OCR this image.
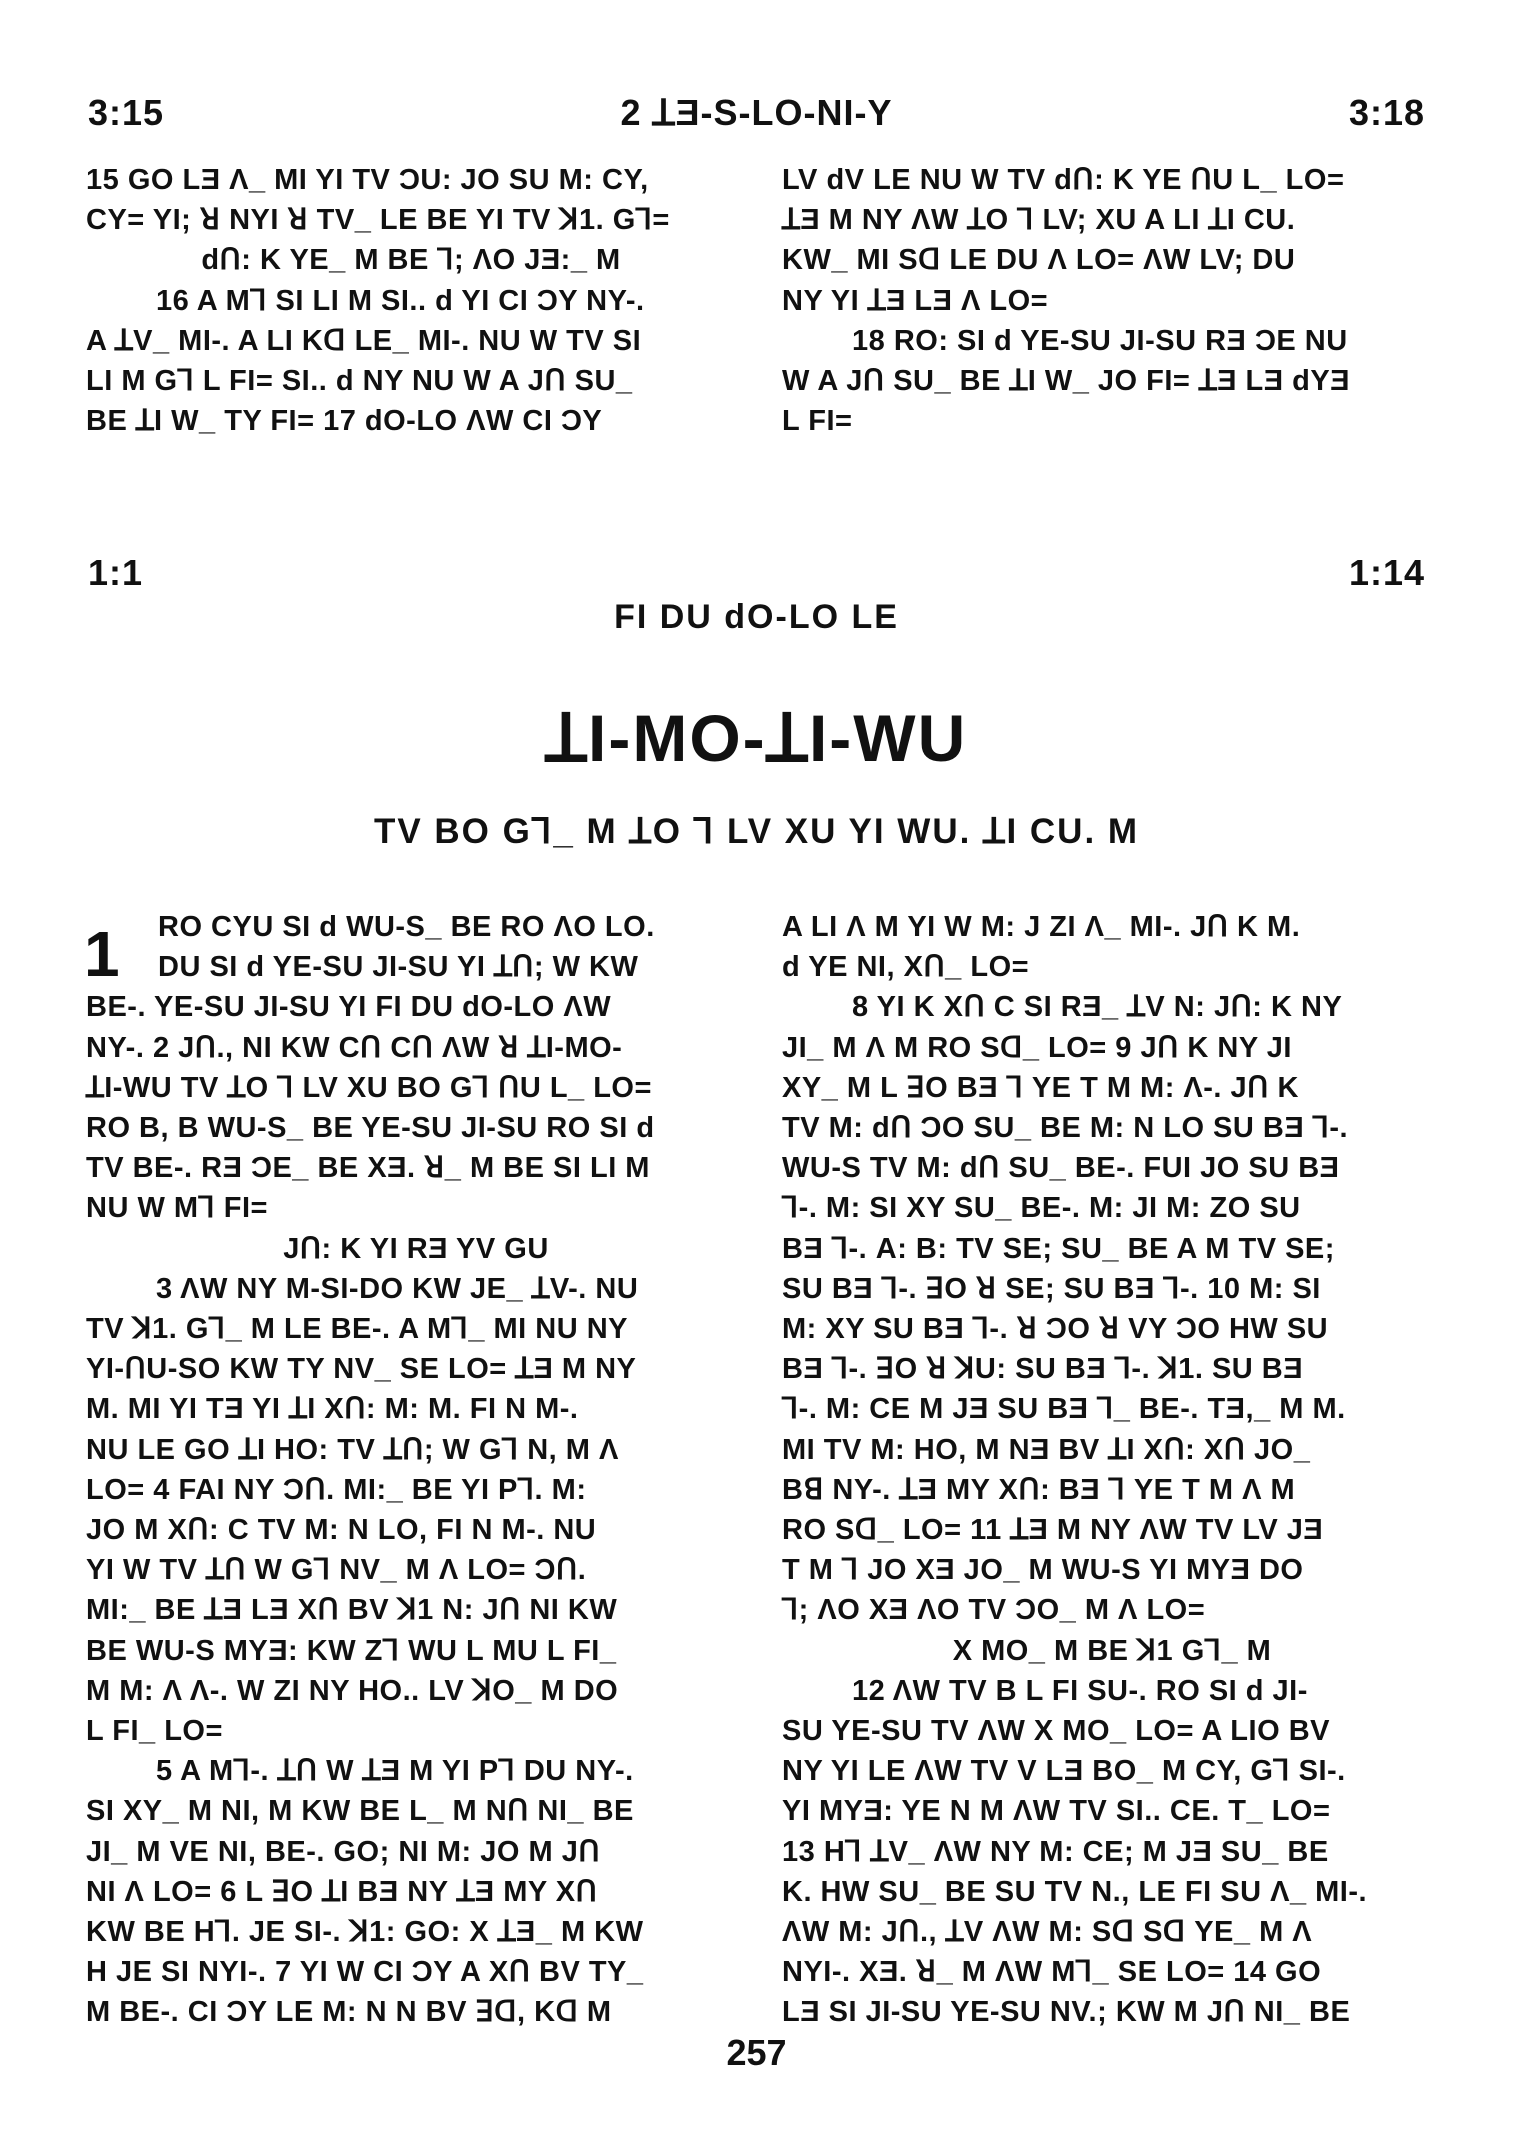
3:15	2 ꓕƎ-S-LO-NI-Y	3:18

15 GO LƎ Λ_ MI YI TV ƆU: JO SU M: CY,

CY= YI; ꓤ NYI ꓤ TV_ LE BE YI TV ꓘ1. Gꓶ=

dՈ: K YE_ M BE ꓶ; ΛO JƎ:_ M

16 A Mꓶ SI LI M SI.. d YI CI ƆY NY-.

A ꓕV_ MI-. A LI Kꓷ LE_ MI-. NU W TV SI

LI M Gꓶ L FI= SI.. d NY NU W A JՈ SU_

BE ꓕI W_ TY FI= 17 dO-LO ΛW CI ƆY

LV dV LE NU W TV dՈ: K YE ꓵU L_ LO=

ꓕƎ M NY ΛW ꓕO ꓶ LV; XU A LI ꓕI CU.

KW_ MI Sꓷ LE DU Λ LO= ΛW LV; DU

NY YI ꓕƎ LƎ Λ LO=

18 RO: SI d YE-SU JI-SU RƎ ƆE NU

W A JՈ SU_ BE ꓕI W_ JO FI= ꓕƎ LƎ dYƎ

L FI=

1:1	1:14
FI DU dO-LO LE
ꓕI-MO-ꓕI-WU
TV BO Gꓶ_ M ꓕO ꓶ LV XU YI WU. ꓕI CU. M
1	RO CYU SI d WU-S_ BE RO ΛO LO.

DU SI d YE-SU JI-SU YI ꓕՈ; W KW

BE-. YE-SU JI-SU YI FI DU dO-LO ΛW

NY-. 2 JՈ., NI KW CՈ CՈ ΛW ꓤ ꓕI-MO-

ꓕI-WU TV ꓕO ꓶ LV XU BO Gꓶ ꓵU L_ LO=

RO B, B WU-S_ BE YE-SU JI-SU RO SI d

TV BE-. RƎ ƆE_ BE XƎ. ꓤ_ M BE SI LI M

NU W Mꓶ FI=

JՈ: K YI RƎ YV GU

3 ΛW NY M-SI-DO KW JE_ ꓕV-. NU

TV ꓘ1. Gꓶ_ M LE BE-. A Mꓶ_ MI NU NY

YI-ꓵU-SO KW TY NV_ SE LO= ꓕƎ M NY

M. MI YI TƎ YI ꓕI XՈ: M: M. FI N M-.

NU LE GO ꓕI HO: TV ꓕՈ; W Gꓶ N, M Λ

LO= 4 FAI NY ƆՈ. MI:_ BE YI Pꓶ. M:

JO M XՈ: C TV M: N LO, FI N M-. NU

YI W TV ꓕՈ W Gꓶ NV_ M Λ LO= ƆՈ.

MI:_ BE ꓕƎ LƎ XՈ BV ꓘ1 N: JՈ NI KW

BE WU-S MYƎ: KW Zꓶ WU L MU L FI_

M M: Λ Λ-. W ZI NY HO.. LV ꓘO_ M DO

L FI_ LO=

5 A Mꓶ-. ꓕՈ W ꓕƎ M YI Pꓶ DU NY-.

SI XY_ M NI, M KW BE L_ M NՈ NI_ BE

JI_ M VE NI, BE-. GO; NI M: JO M JՈ

NI Λ LO= 6 L ꓱO ꓕI BƎ NY ꓕƎ MY XՈ

KW BE Hꓶ. JE SI-. ꓘ1: GO: X ꓕƎ_ M KW

H JE SI NYI-. 7 YI W CI ƆY A XՈ BV TY_

M BE-. CI ƆY LE M: N N BV ꓱꓷ, Kꓷ M

A LI Λ M YI W M: J ZI Λ_ MI-. JՈ K M.

d YE NI, XՈ_ LO=

8 YI K XՈ C SI RƎ_ ꓕV N: JՈ: K NY

JI_ M Λ M RO Sꓷ_ LO= 9 JՈ K NY JI

XY_ M L ꓱO BƎ ꓶ YE T M M: Λ-. JՈ K

TV M: dՈ ƆO SU_ BE M: N LO SU BƎ ꓶ-.

WU-S TV M: dՈ SU_ BE-. FUI JO SU BƎ

ꓶ-. M: SI XY SU_ BE-. M: JI M: ZO SU

BƎ ꓶ-. A: B: TV SE; SU_ BE A M TV SE;

SU BƎ ꓶ-. ꓱO ꓤ SE; SU BƎ ꓶ-. 10 M: SI

M: XY SU BƎ ꓶ-. ꓤ ƆO ꓤ VY ƆO HW SU

BƎ ꓶ-. ꓱO ꓤ ꓘU: SU BƎ ꓶ-. ꓘ1. SU BƎ

ꓶ-. M: CE M JƎ SU BƎ ꓶ_ BE-. TƎ,_ M M.

MI TV M: HO, M NƎ BV ꓕI XՈ: XՈ JO_

Bꓭ NY-. ꓕƎ MY XՈ: BƎ ꓶ YE T M Λ M

RO Sꓷ_ LO= 11 ꓕƎ M NY ΛW TV LV JƎ

T M ꓶ JO XƎ JO_ M WU-S YI MYƎ DO

ꓶ; ΛO XƎ ΛO TV ƆO_ M Λ LO=

X MO_ M BE ꓘ1 Gꓶ_ M

12 ΛW TV B L FI SU-. RO SI d JI-

SU YE-SU TV ΛW X MO_ LO= A LIO BV

NY YI LE ΛW TV V LƎ BO_ M CY, Gꓶ SI-.

YI MYƎ: YE N M ΛW TV SI.. CE. T_ LO=

13 Hꓶ ꓕV_ ΛW NY M: CE; M JƎ SU_ BE

K. HW SU_ BE SU TV N., LE FI SU Λ_ MI-.

ΛW M: JՈ., ꓕV ΛW M: Sꓷ Sꓷ YE_ M Λ

NYI-. XƎ. ꓤ_ M ΛW Mꓶ_ SE LO= 14 GO

LƎ SI JI-SU YE-SU NV.; KW M JՈ NI_ BE

257
